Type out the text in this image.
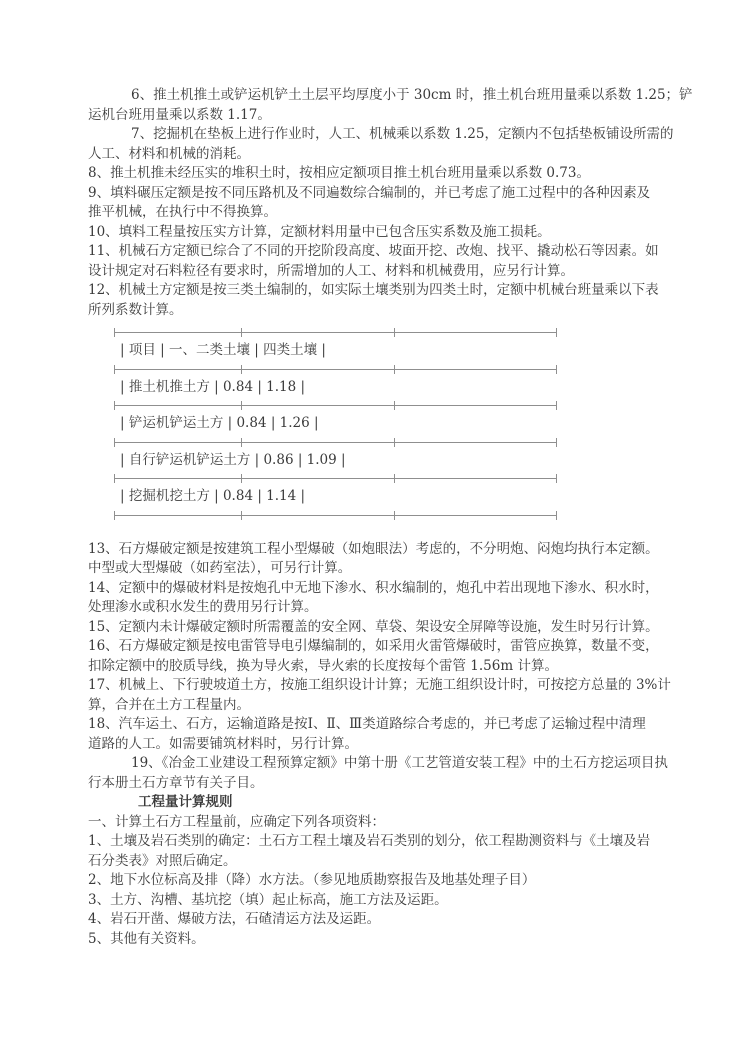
6、推土机推土或铲运机铲土土层平均厚度小于 30cm 时，推土机台班用量乘以系数 1.25；铲
运机台班用量乘以系数 1.17。
7、挖掘机在垫板上进行作业时，人工、机械乘以系数 1.25，定额内不包括垫板铺设所需的
人工、材料和机械的消耗。
8、推土机推未经压实的堆积土时，按相应定额项目推土机台班用量乘以系数 0.73。
9、填料碾压定额是按不同压路机及不同遍数综合编制的，并已考虑了施工过程中的各种因素及
推平机械，在执行中不得换算。
10、填料工程量按压实方计算，定额材料用量中已包含压实系数及施工损耗。
11、机械石方定额已综合了不同的开挖阶段高度、坡面开挖、改炮、找平、撬动松石等因素。如
设计规定对石料粒径有要求时，所需增加的人工、材料和机械费用，应另行计算。
12、机械土方定额是按三类土编制的，如实际土壤类别为四类土时，定额中机械台班量乘以下表
所列系数计算。
| 项目 | 一、二类土壤 | 四类土壤 |
| 推土机推土方 | 0.84 | 1.18 |
| 铲运机铲运土方 | 0.84 | 1.26 |
| 自行铲运机铲运土方 | 0.86 | 1.09 |
| 挖掘机挖土方 | 0.84 | 1.14 |
13、石方爆破定额是按建筑工程小型爆破（如炮眼法）考虑的，不分明炮、闷炮均执行本定额。
中型或大型爆破（如药室法），可另行计算。
14、定额中的爆破材料是按炮孔中无地下渗水、积水编制的，炮孔中若出现地下渗水、积水时，
处理渗水或积水发生的费用另行计算。
15、定额内未计爆破定额时所需覆盖的安全网、草袋、架设安全屏障等设施，发生时另行计算。
16、石方爆破定额是按电雷管导电引爆编制的，如采用火雷管爆破时，雷管应换算，数量不变，
扣除定额中的胶质导线，换为导火索，导火索的长度按每个雷管 1.56m 计算。
17、机械上、下行驶坡道土方，按施工组织设计计算；无施工组织设计时，可按挖方总量的 3%计
算，合并在土方工程量内。
18、汽车运土、石方，运输道路是按Ⅰ、Ⅱ、Ⅲ类道路综合考虑的，并已考虑了运输过程中清理
道路的人工。如需要铺筑材料时，另行计算。
19、《冶金工业建设工程预算定额》中第十册《工艺管道安装工程》中的土石方挖运项目执
行本册土石方章节有关子目。
工程量计算规则
一、计算土石方工程量前，应确定下列各项资料：
1、土壤及岩石类别的确定：土石方工程土壤及岩石类别的划分，依工程勘测资料与《土壤及岩
石分类表》对照后确定。
2、地下水位标高及排（降）水方法。（参见地质勘察报告及地基处理子目）
3、土方、沟槽、基坑挖（填）起止标高，施工方法及运距。
4、岩石开凿、爆破方法，石碴清运方法及运距。
5、其他有关资料。
